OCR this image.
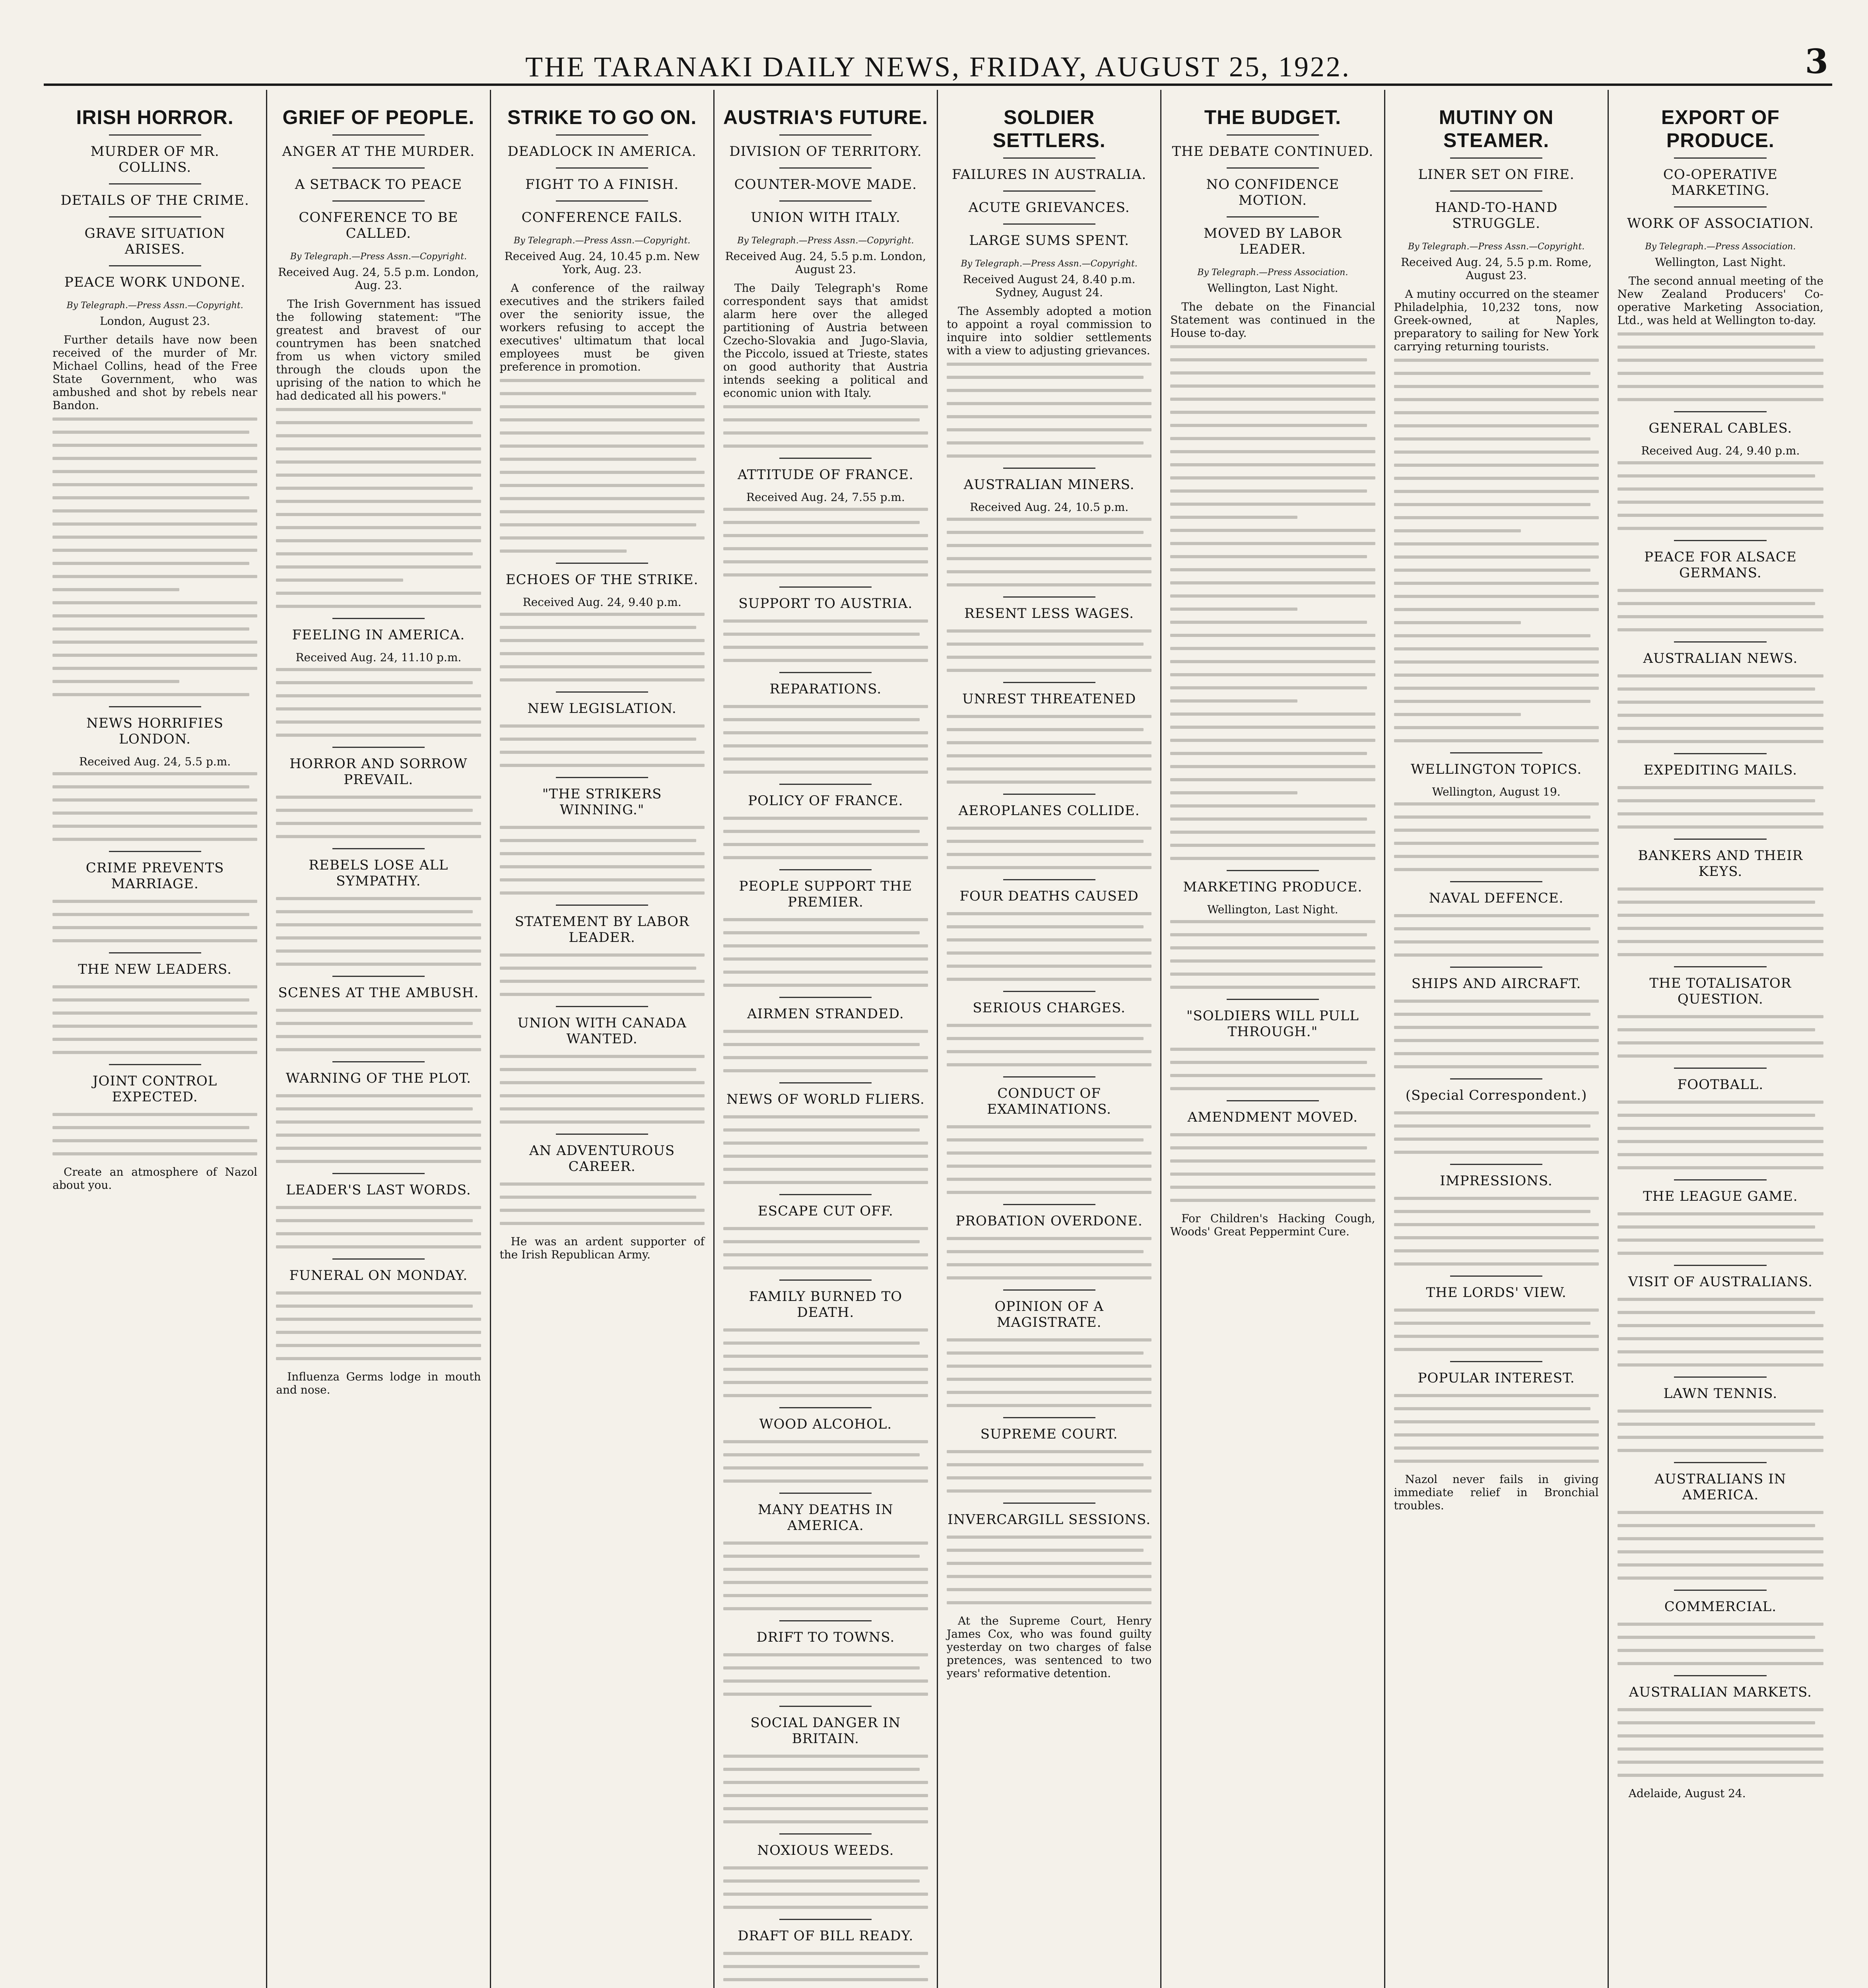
THE TARANAKI DAILY NEWS, FRIDAY, AUGUST 25, 1922.	3
IRISH HORROR.
MURDER OF MR. COLLINS.
DETAILS OF THE CRIME.
GRAVE SITUATION ARISES.
PEACE WORK UNDONE.
By Telegraph.—Press Assn.—Copyright.
London, August 23.
Further details have now been received of the murder of Mr. Michael Collins, head of the Free State Government, who was ambushed and shot by rebels near Bandon.
NEWS HORRIFIES LONDON.
Received Aug. 24, 5.5 p.m.
CRIME PREVENTS MARRIAGE.
THE NEW LEADERS.
JOINT CONTROL EXPECTED.
Create an atmosphere of Nazol about you.
GRIEF OF PEOPLE.
ANGER AT THE MURDER.
A SETBACK TO PEACE
CONFERENCE TO BE CALLED.
By Telegraph.—Press Assn.—Copyright.
Received Aug. 24, 5.5 p.m. London, Aug. 23.
The Irish Government has issued the following statement: "The greatest and bravest of our countrymen has been snatched from us when victory smiled through the clouds upon the uprising of the nation to which he had dedicated all his powers."
FEELING IN AMERICA.
Received Aug. 24, 11.10 p.m.
HORROR AND SORROW PREVAIL.
REBELS LOSE ALL SYMPATHY.
SCENES AT THE AMBUSH.
WARNING OF THE PLOT.
LEADER'S LAST WORDS.
FUNERAL ON MONDAY.
Influenza Germs lodge in mouth and nose.
STRIKE TO GO ON.
DEADLOCK IN AMERICA.
FIGHT TO A FINISH.
CONFERENCE FAILS.
By Telegraph.—Press Assn.—Copyright.
Received Aug. 24, 10.45 p.m. New York, Aug. 23.
A conference of the railway executives and the strikers failed over the seniority issue, the workers refusing to accept the executives' ultimatum that local employees must be given preference in promotion.
ECHOES OF THE STRIKE.
Received Aug. 24, 9.40 p.m.
NEW LEGISLATION.
"THE STRIKERS WINNING."
STATEMENT BY LABOR LEADER.
UNION WITH CANADA WANTED.
AN ADVENTUROUS CAREER.
He was an ardent supporter of the Irish Republican Army.
AUSTRIA'S FUTURE.
DIVISION OF TERRITORY.
COUNTER-MOVE MADE.
UNION WITH ITALY.
By Telegraph.—Press Assn.—Copyright.
Received Aug. 24, 5.5 p.m. London, August 23.
The Daily Telegraph's Rome correspondent says that amidst alarm here over the alleged partitioning of Austria between Czecho-Slovakia and Jugo-Slavia, the Piccolo, issued at Trieste, states on good authority that Austria intends seeking a political and economic union with Italy.
ATTITUDE OF FRANCE.
Received Aug. 24, 7.55 p.m.
SUPPORT TO AUSTRIA.
REPARATIONS.
POLICY OF FRANCE.
PEOPLE SUPPORT THE PREMIER.
AIRMEN STRANDED.
NEWS OF WORLD FLIERS.
ESCAPE CUT OFF.
FAMILY BURNED TO DEATH.
WOOD ALCOHOL.
MANY DEATHS IN AMERICA.
DRIFT TO TOWNS.
SOCIAL DANGER IN BRITAIN.
NOXIOUS WEEDS.
DRAFT OF BILL READY.
SOLDIER SETTLERS.
FAILURES IN AUSTRALIA.
ACUTE GRIEVANCES.
LARGE SUMS SPENT.
By Telegraph.—Press Assn.—Copyright.
Received August 24, 8.40 p.m. Sydney, August 24.
The Assembly adopted a motion to appoint a royal commission to inquire into soldier settlements with a view to adjusting grievances.
AUSTRALIAN MINERS.
Received Aug. 24, 10.5 p.m.
RESENT LESS WAGES.
UNREST THREATENED
AEROPLANES COLLIDE.
FOUR DEATHS CAUSED
SERIOUS CHARGES.
CONDUCT OF EXAMINATIONS.
PROBATION OVERDONE.
OPINION OF A MAGISTRATE.
SUPREME COURT.
INVERCARGILL SESSIONS.
At the Supreme Court, Henry James Cox, who was found guilty yesterday on two charges of false pretences, was sentenced to two years' reformative detention.
THE BUDGET.
THE DEBATE CONTINUED.
NO CONFIDENCE MOTION.
MOVED BY LABOR LEADER.
By Telegraph.—Press Association.
Wellington, Last Night.
The debate on the Financial Statement was continued in the House to-day.
MARKETING PRODUCE.
Wellington, Last Night.
"SOLDIERS WILL PULL THROUGH."
AMENDMENT MOVED.
For Children's Hacking Cough, Woods' Great Peppermint Cure.
MUTINY ON STEAMER.
LINER SET ON FIRE.
HAND-TO-HAND STRUGGLE.
By Telegraph.—Press Assn.—Copyright.
Received Aug. 24, 5.5 p.m. Rome, August 23.
A mutiny occurred on the steamer Philadelphia, 10,232 tons, now Greek-owned, at Naples, preparatory to sailing for New York carrying returning tourists.
WELLINGTON TOPICS.
Wellington, August 19.
NAVAL DEFENCE.
SHIPS AND AIRCRAFT.
(Special Correspondent.)
IMPRESSIONS.
THE LORDS' VIEW.
POPULAR INTEREST.
Nazol never fails in giving immediate relief in Bronchial troubles.
EXPORT OF PRODUCE.
CO-OPERATIVE MARKETING.
WORK OF ASSOCIATION.
By Telegraph.—Press Association.
Wellington, Last Night.
The second annual meeting of the New Zealand Producers' Co-operative Marketing Association, Ltd., was held at Wellington to-day.
GENERAL CABLES.
Received Aug. 24, 9.40 p.m.
PEACE FOR ALSACE GERMANS.
AUSTRALIAN NEWS.
EXPEDITING MAILS.
BANKERS AND THEIR KEYS.
THE TOTALISATOR QUESTION.
FOOTBALL.
THE LEAGUE GAME.
VISIT OF AUSTRALIANS.
LAWN TENNIS.
AUSTRALIANS IN AMERICA.
COMMERCIAL.
AUSTRALIAN MARKETS.
Adelaide, August 24.
